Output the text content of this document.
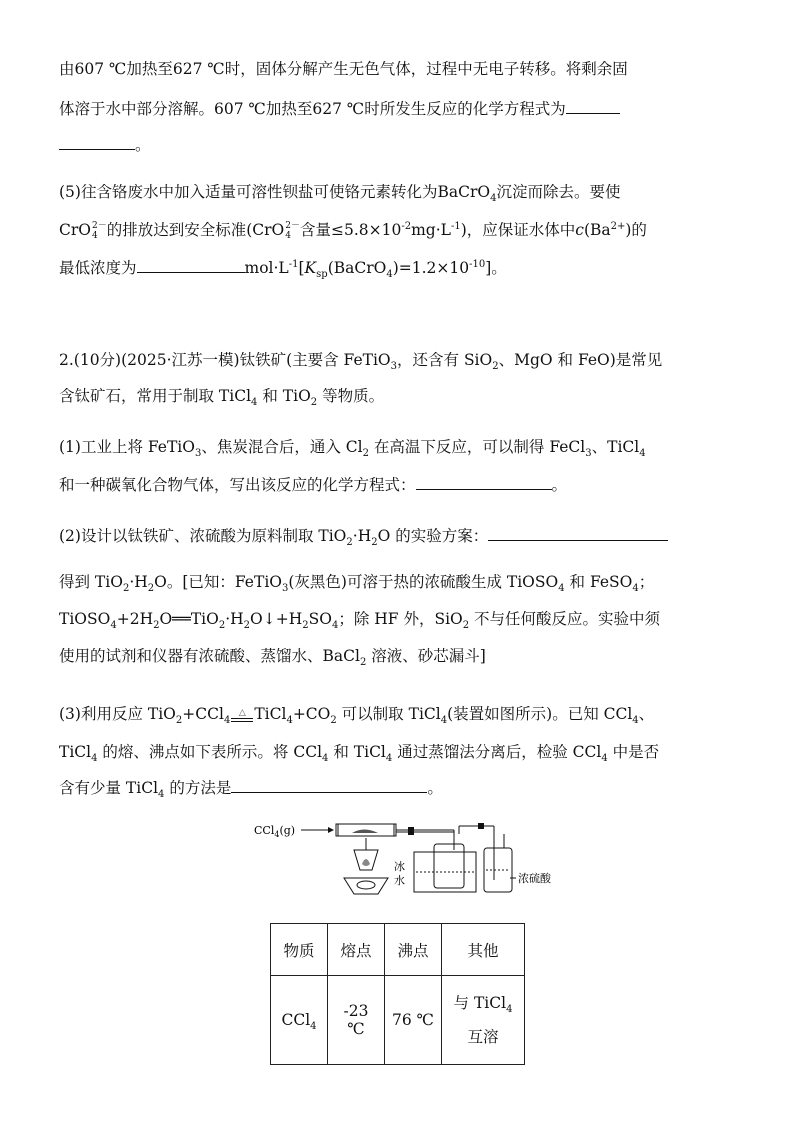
由607 ℃加热至627 ℃时，固体分解产生无色气体，过程中无电子转移。将剩余固
体溶于水中部分溶解。607 ℃加热至627 ℃时所发生反应的化学方程式为
。
(5)往含铬废水中加入适量可溶性钡盐可使铬元素转化为BaCrO$_4$沉淀而除去。要使
CrO 2－
4 的排放达到安全标准(CrO 2－
4 含量$\le 5.8\times 10^{-2}mg\cdot L^{-1}$)，应保证水体中$c(Ba^{2+})$的
最低浓度为	$mol\cdot L^{-1}[K_{sp}(BaCrO_4)=1.2\times 10^{-10}]$。
2.(10分)(2025·江苏一模)钛铁矿(主要含 FeTiO$_3$，还含有 SiO$_2$、MgO 和 FeO)是常见
含钛矿石，常用于制取 TiCl$_4$ 和 TiO$_2$ 等物质。
(1)工业上将 FeTiO$_3$、焦炭混合后，通入 $Cl_2$ 在高温下反应，可以制得 FeCl$_3$、TiCl$_4$
和一种碳氧化合物气体，写出该反应的化学方程式：	。
(2)设计以钛铁矿、浓硫酸为原料制取 $TiO_2\cdot H_2O$ 的实验方案：
得到 $TiO_2\cdot H_2O$。[已知：FeTiO$_3$(灰黑色)可溶于热的浓硫酸生成 TiOSO$_4$ 和 FeSO$_4$；
$TiOSO_4+2H_2O══TiO_2\cdot H_2O↓+H_2SO_4$；除 HF 外，SiO$_2$ 不与任何酸反应。实验中须
使用的试剂和仪器有浓硫酸、蒸馏水、BaCl$_2$ 溶液、砂芯漏斗]
(3)利用反应 TiO$_2$+CCl$_4$
△ $TiCl_4+CO_2$ 可以制取 TiCl$_4$(装置如图所示)。已知 CCl$_4$、
TiCl$_4$ 的熔、沸点如下表所示。将 CCl$_4$ 和 TiCl$_4$ 通过蒸馏法分离后，检验 CCl$_4$ 中是否
含有少量 TiCl$_4$ 的方法是	。
CCl$_4$(g)
冰
水	浓硫酸
物质	熔点	沸点	其他
CCl$_4$	-23 ℃	76 ℃	与 TiCl$_4$
互溶
